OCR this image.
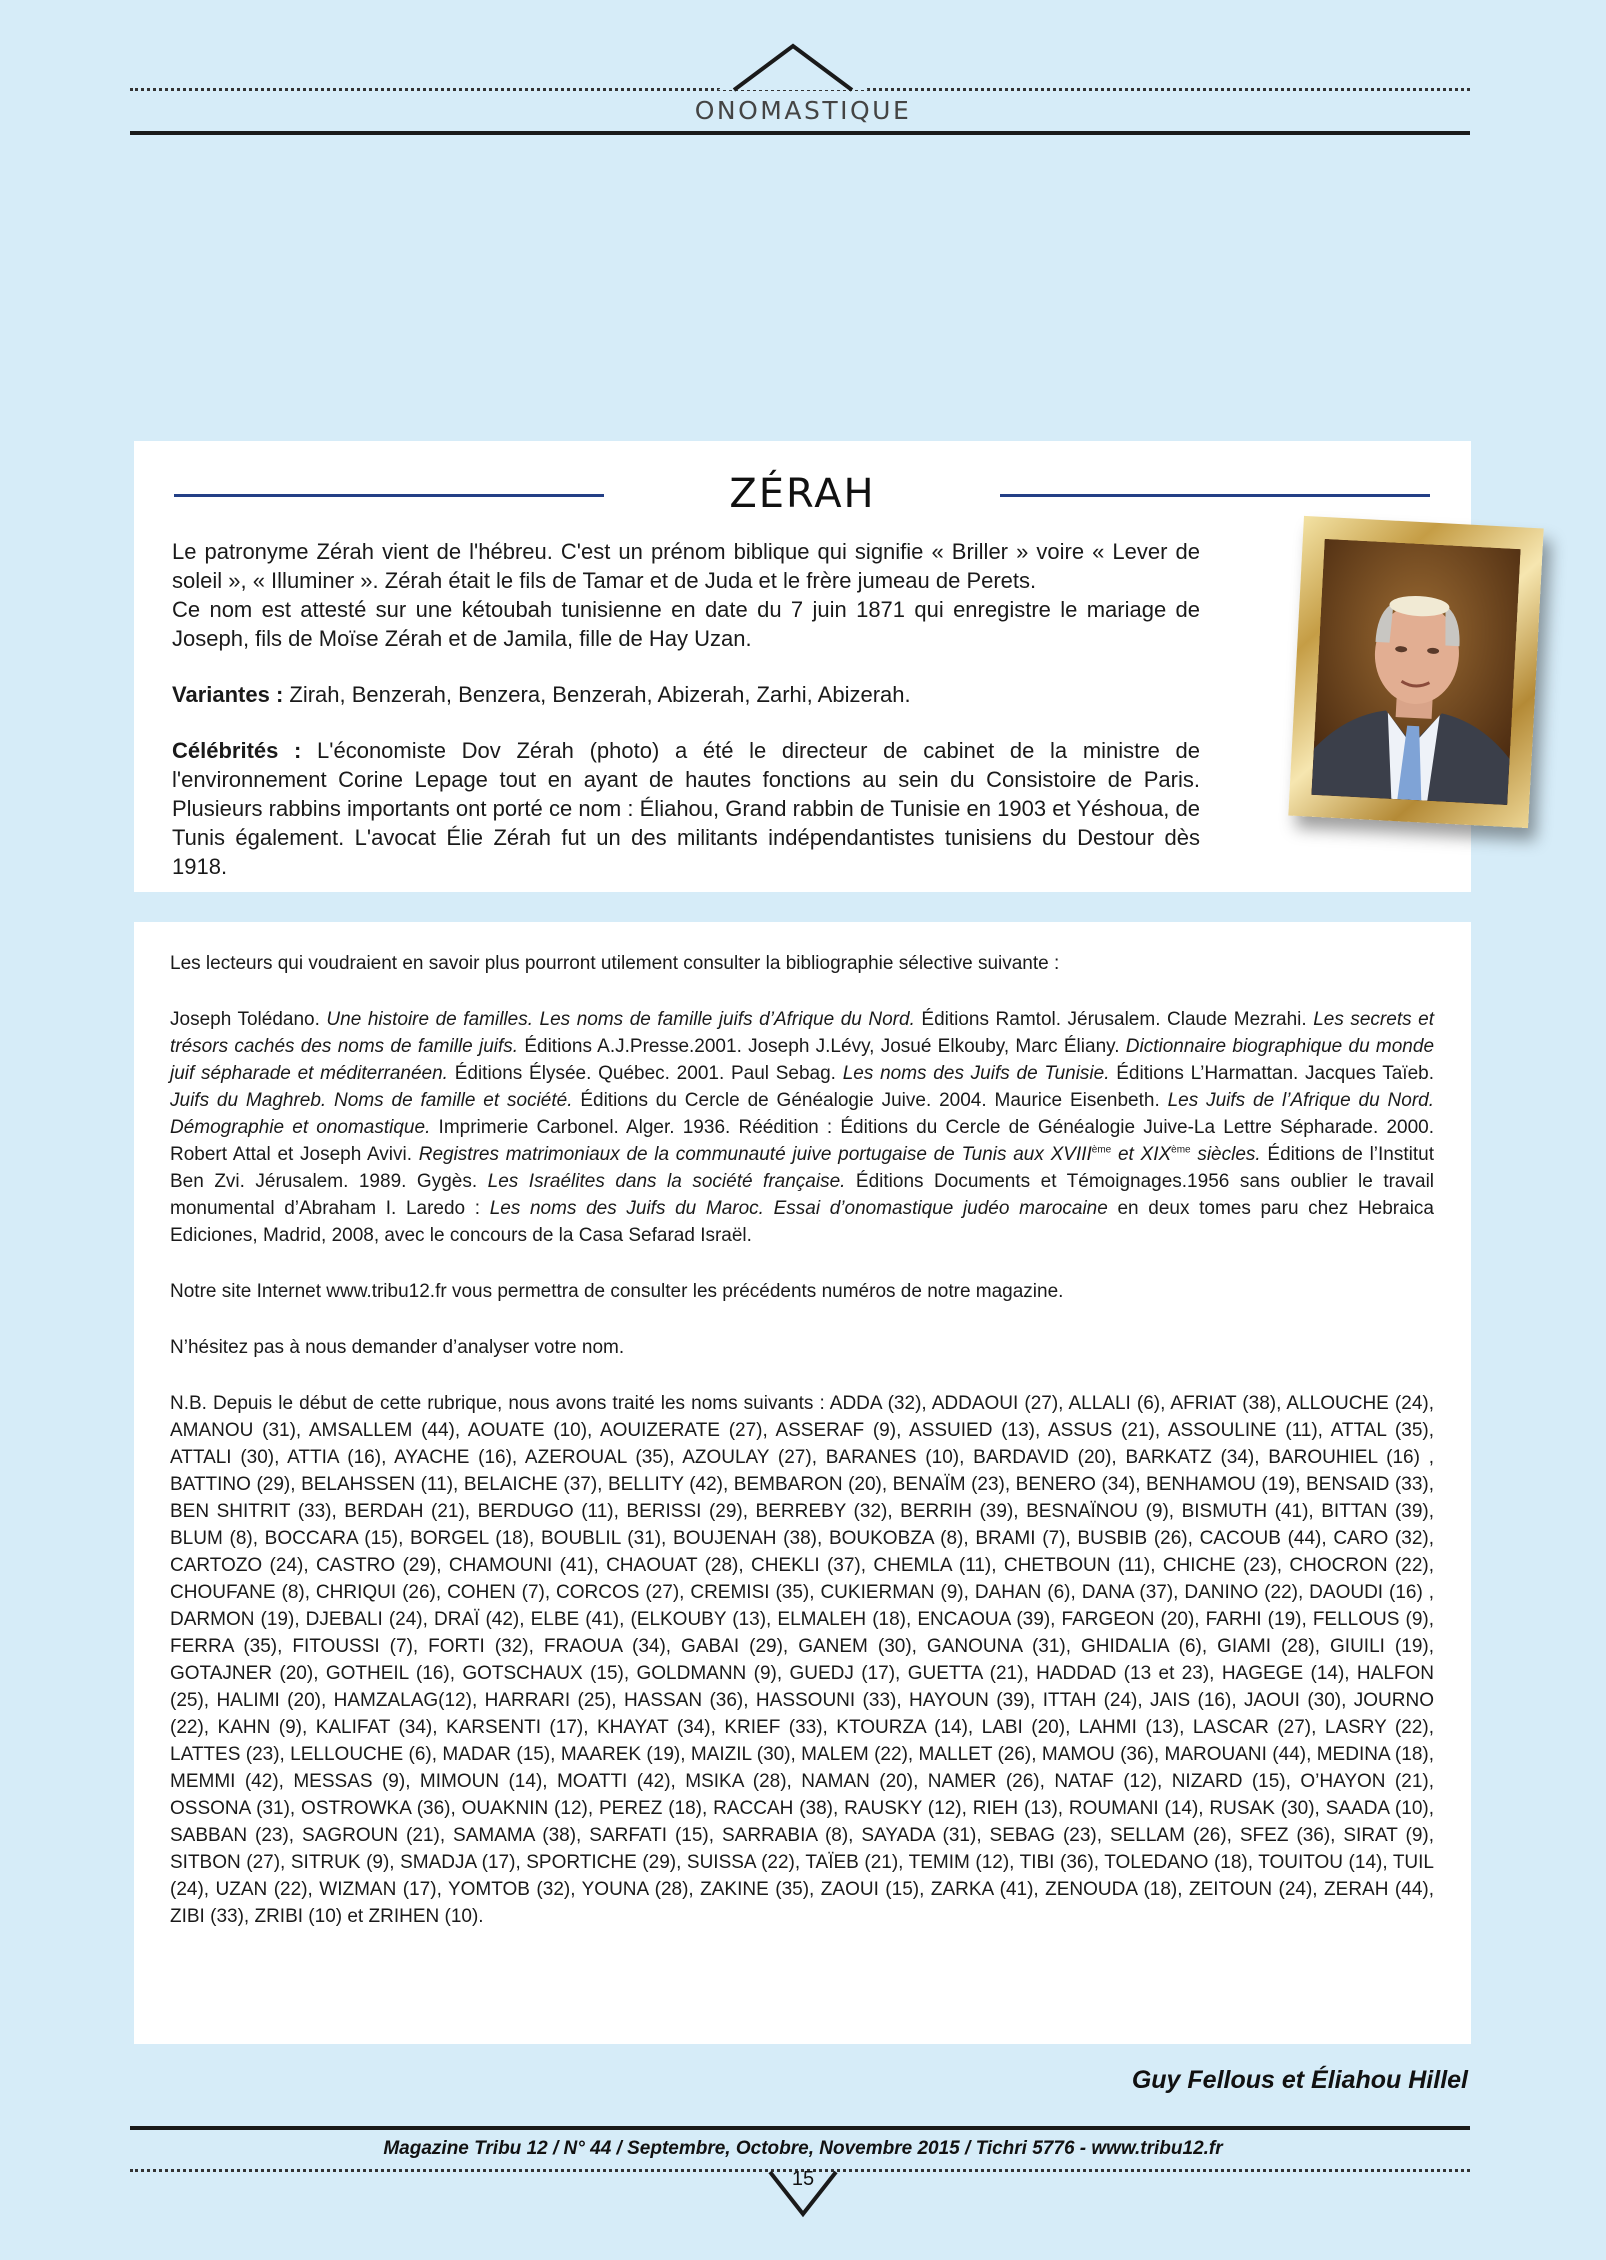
ONOMASTIQUE
ZÉRAH

Le patronyme Zérah vient de l'hébreu. C'est un prénom biblique qui signifie « Briller » voire « Lever de soleil », « Illuminer ». Zérah était le fils de Tamar et de Juda et le frère jumeau de Perets.

Ce nom est attesté sur une kétoubah tunisienne en date du 7 juin 1871 qui enregistre le mariage de Joseph, fils de Moïse Zérah et de Jamila, fille de Hay Uzan.

Variantes : Zirah, Benzerah, Benzera, Benzerah, Abizerah, Zarhi, Abizerah.

Célébrités : L'économiste Dov Zérah (photo) a été le directeur de cabinet de la ministre de l'environnement Corine Lepage tout en ayant de hautes fonctions au sein du Consistoire de Paris. Plusieurs rabbins importants ont porté ce nom : Éliahou, Grand rabbin de Tunisie en 1903 et Yéshoua, de Tunis également. L'avocat Élie Zérah fut un des militants indépendantistes tunisiens du Destour dès 1918.

Les lecteurs qui voudraient en savoir plus pourront utilement consulter la bibliographie sélective suivante :

Joseph Tolédano. Une histoire de familles. Les noms de famille juifs d’Afrique du Nord. Éditions Ramtol. Jérusalem. Claude Mezrahi. Les secrets et trésors cachés des noms de famille juifs. Éditions A.J.Presse.2001. Joseph J.Lévy, Josué Elkouby, Marc Éliany. Dictionnaire biographique du monde juif sépharade et méditerranéen. Éditions Élysée. Québec. 2001. Paul Sebag. Les noms des Juifs de Tunisie. Éditions L’Harmattan. Jacques Taïeb. Juifs du Maghreb. Noms de famille et société. Éditions du Cercle de Généalogie Juive. 2004. Maurice Eisenbeth. Les Juifs de l’Afrique du Nord. Démographie et onomastique. Imprimerie Carbonel. Alger. 1936. Réédition : Éditions du Cercle de Généalogie Juive-La Lettre Sépharade. 2000. Robert Attal et Joseph Avivi. Registres matrimoniaux de la communauté juive portugaise de Tunis aux XVIIIème et XIXème siècles. Éditions de l’Institut Ben Zvi. Jérusalem. 1989. Gygès. Les Israélites dans la société française. Éditions Documents et Témoignages.1956 sans oublier le travail monumental d’Abraham I. Laredo : Les noms des Juifs du Maroc. Essai d’onomastique judéo marocaine en deux tomes paru chez Hebraica Ediciones, Madrid, 2008, avec le concours de la Casa Sefarad Israël.

Notre site Internet www.tribu12.fr vous permettra de consulter les précédents numéros de notre magazine.

N’hésitez pas à nous demander d’analyser votre nom.

N.B. Depuis le début de cette rubrique, nous avons traité les noms suivants : ADDA (32), ADDAOUI (27), ALLALI (6), AFRIAT (38), ALLOUCHE (24), AMANOU (31), AMSALLEM (44), AOUATE (10), AOUIZERATE (27), ASSERAF (9), ASSUIED (13), ASSUS (21), ASSOULINE (11), ATTAL (35), ATTALI (30), ATTIA (16), AYACHE (16), AZEROUAL (35), AZOULAY (27), BARANES (10), BARDAVID (20), BARKATZ (34), BAROUHIEL (16) , BATTINO (29), BELAHSSEN (11), BELAICHE (37), BELLITY (42), BEMBARON (20), BENAÏM (23), BENERO (34), BENHAMOU (19), BENSAID (33), BEN SHITRIT (33), BERDAH (21), BERDUGO (11), BERISSI (29), BERREBY (32), BERRIH (39), BESNAÏNOU (9), BISMUTH (41), BITTAN (39), BLUM (8), BOCCARA (15), BORGEL (18), BOUBLIL (31), BOUJENAH (38), BOUKOBZA (8), BRAMI (7), BUSBIB (26), CACOUB (44), CARO (32), CARTOZO (24), CASTRO (29), CHAMOUNI (41), CHAOUAT (28), CHEKLI (37), CHEMLA (11), CHETBOUN (11), CHICHE (23), CHOCRON (22), CHOUFANE (8), CHRIQUI (26), COHEN (7), CORCOS (27), CREMISI (35), CUKIERMAN (9), DAHAN (6), DANA (37), DANINO (22), DAOUDI (16) , DARMON (19), DJEBALI (24), DRAÏ (42), ELBE (41), (ELKOUBY (13), ELMALEH (18), ENCAOUA (39), FARGEON (20), FARHI (19), FELLOUS (9), FERRA (35), FITOUSSI (7), FORTI (32), FRAOUA (34), GABAI (29), GANEM (30), GANOUNA (31), GHIDALIA (6), GIAMI (28), GIUILI (19), GOTAJNER (20), GOTHEIL (16), GOTSCHAUX (15), GOLDMANN (9), GUEDJ (17), GUETTA (21), HADDAD (13 et 23), HAGEGE (14), HALFON (25), HALIMI (20), HAMZALAG(12), HARRARI (25), HASSAN (36), HASSOUNI (33), HAYOUN (39), ITTAH (24), JAIS (16), JAOUI (30), JOURNO (22), KAHN (9), KALIFAT (34), KARSENTI (17), KHAYAT (34), KRIEF (33), KTOURZA (14), LABI (20), LAHMI (13), LASCAR (27), LASRY (22), LATTES (23), LELLOUCHE (6), MADAR (15), MAAREK (19), MAIZIL (30), MALEM (22), MALLET (26), MAMOU (36), MAROUANI (44), MEDINA (18), MEMMI (42), MESSAS (9), MIMOUN (14), MOATTI (42), MSIKA (28), NAMAN (20), NAMER (26), NATAF (12), NIZARD (15), O’HAYON (21), OSSONA (31), OSTROWKA (36), OUAKNIN (12), PEREZ (18), RACCAH (38), RAUSKY (12), RIEH (13), ROUMANI (14), RUSAK (30), SAADA (10), SABBAN (23), SAGROUN (21), SAMAMA (38), SARFATI (15), SARRABIA (8), SAYADA (31), SEBAG (23), SELLAM (26), SFEZ (36), SIRAT (9), SITBON (27), SITRUK (9), SMADJA (17), SPORTICHE (29), SUISSA (22), TAÏEB (21), TEMIM (12), TIBI (36), TOLEDANO (18), TOUITOU (14), TUIL (24), UZAN (22), WIZMAN (17), YOMTOB (32), YOUNA (28), ZAKINE (35), ZAOUI (15), ZARKA (41), ZENOUDA (18), ZEITOUN (24), ZERAH (44), ZIBI (33), ZRIBI (10) et ZRIHEN (10).

Guy Fellous et Éliahou Hillel
Magazine Tribu 12 / N° 44 / Septembre, Octobre, Novembre 2015 / Tichri 5776 - www.tribu12.fr
15
